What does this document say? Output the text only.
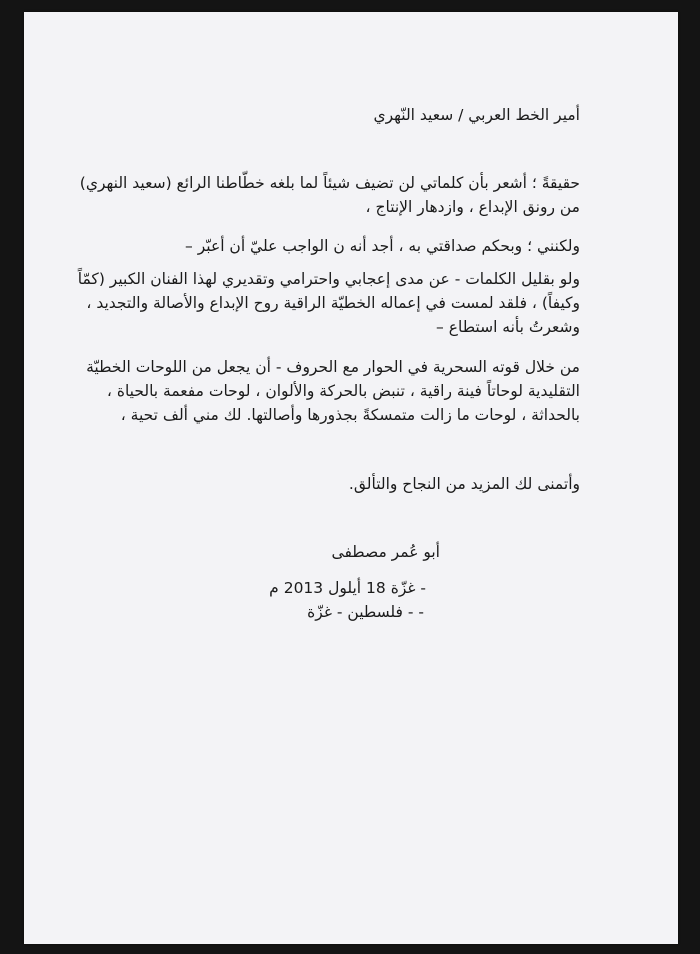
أمير الخط العربي / سعيد النّهري
حقيقةً ؛ أشعر بأن كلماتي لن تضيف شيئاً لما بلغه خطّاطنا الرائع (سعيد النهري) من رونق الإبداع ، وازدهار الإنتاج ،
ولكنني ؛ وبحكم صداقتي به ، أجد أنه ن الواجب عليّ أن أعبّر –
ولو بقليل الكلمات - عن مدى إعجابي واحترامي وتقديري لهذا الفنان الكبير (كمّاً وكيفاً) ، فلقد لمست في إعماله الخطيّة الراقية روح الإبداع والأصالة والتجديد ، وشعرتُ بأنه استطاع –
من خلال قوته السحرية في الحوار مع الحروف - أن يجعل من اللوحات الخطيّة التقليدية لوحاتاً فينة راقية ، تنبض بالحركة والألوان ، لوحات مفعمة بالحياة ، بالحداثة ، لوحات ما زالت متمسكةً بجذورها وأصالتها. لك مني ألف تحية ،
وأتمنى لك المزيد من النجاح والتألق.
أبو عُمر مصطفى
- غزّة 18 أيلول 2013 م
- - فلسطين - غزّة
